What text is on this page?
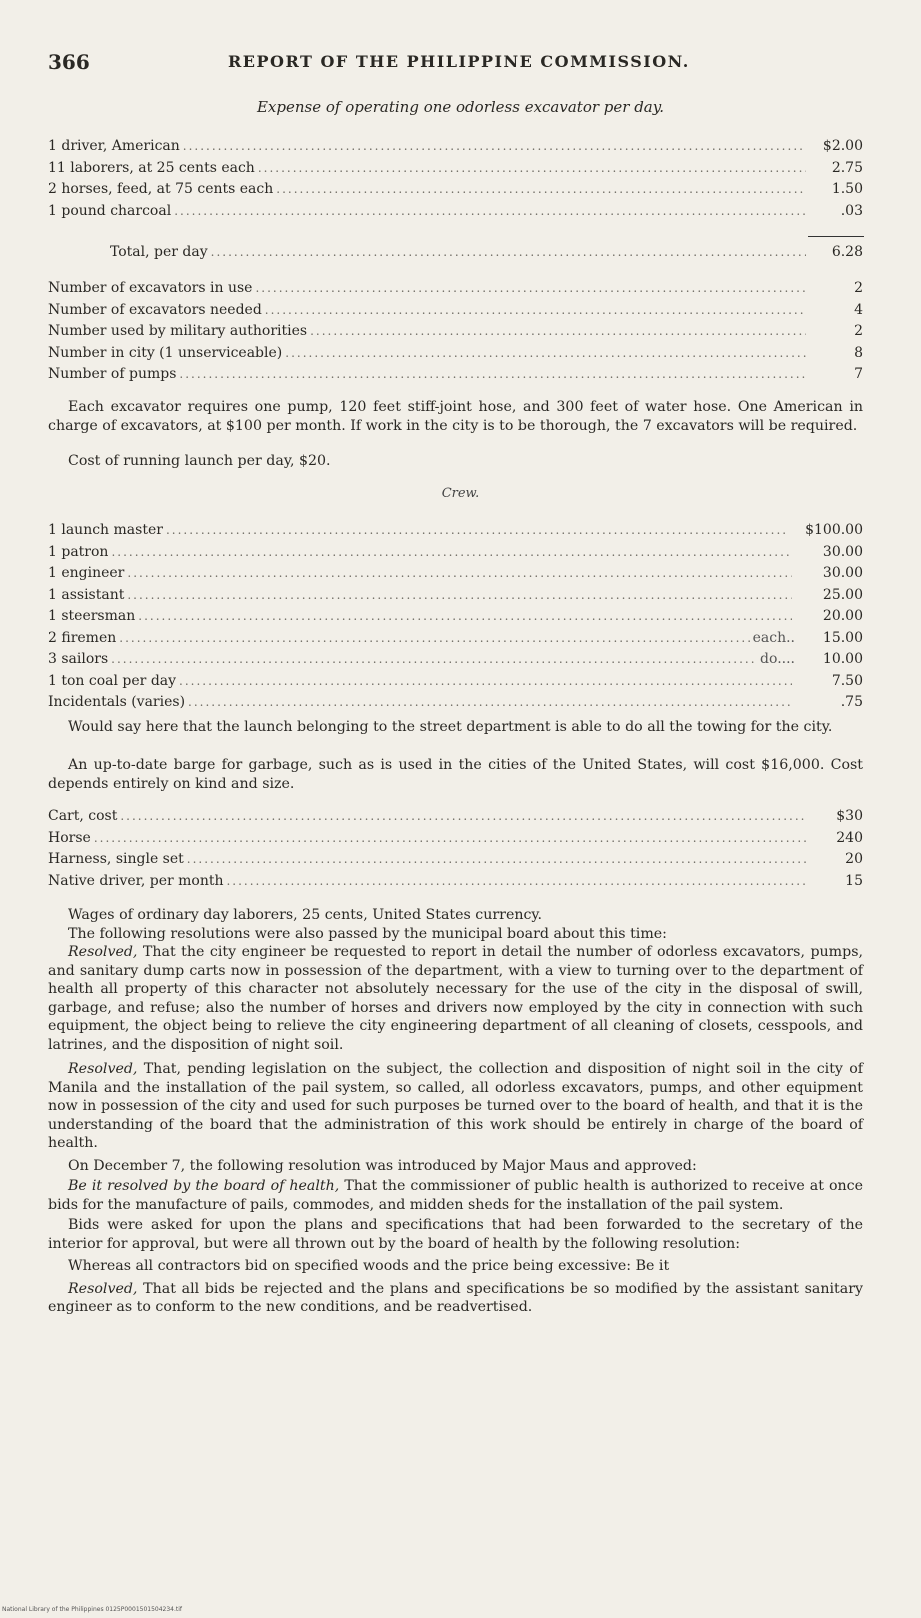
366	REPORT OF THE PHILIPPINE COMMISSION.
Expense of operating one odorless excavator per day.
1 driver, American .....	$2.00
11 laborers, at 25 cents each .....	2.75
2 horses, feed, at 75 cents each .....	1.50
1 pound charcoal .....	.03
Total, per day .....	6.28
Number of excavators in use .....	2
Number of excavators needed .....	4
Number used by military authorities .....	2
Number in city (1 unserviceable) .....	8
Number of pumps .....	7

Each excavator requires one pump, 120 feet stiff-joint hose, and 300 feet of water hose. One American in charge of excavators, at $100 per month. If work in the city is to be thorough, the 7 excavators will be required.

Cost of running launch per day, $20.

Crew.
1 launch master .....	$100.00
1 patron .....	30.00
1 engineer .....	30.00
1 assistant .....	25.00
1 steersman .....	20.00
2 firemen .....	each..	15.00
3 sailors .....	do....	10.00
1 ton coal per day .....	7.50
Incidentals (varies) .....	.75

Would say here that the launch belonging to the street department is able to do all the towing for the city.

An up-to-date barge for garbage, such as is used in the cities of the United States, will cost $16,000. Cost depends entirely on kind and size.

Cart, cost .....	$30
Horse .....	240
Harness, single set .....	20
Native driver, per month .....	15

Wages of ordinary day laborers, 25 cents, United States currency.

The following resolutions were also passed by the municipal board about this time:

Resolved, That the city engineer be requested to report in detail the number of odorless excavators, pumps, and sanitary dump carts now in possession of the department, with a view to turning over to the department of health all property of this character not absolutely necessary for the use of the city in the disposal of swill, garbage, and refuse; also the number of horses and drivers now employed by the city in connection with such equipment, the object being to relieve the city engineering department of all cleaning of closets, cesspools, and latrines, and the disposition of night soil.

Resolved, That, pending legislation on the subject, the collection and disposition of night soil in the city of Manila and the installation of the pail system, so called, all odorless excavators, pumps, and other equipment now in possession of the city and used for such purposes be turned over to the board of health, and that it is the understanding of the board that the administration of this work should be entirely in charge of the board of health.

On December 7, the following resolution was introduced by Major Maus and approved:

Be it resolved by the board of health, That the commissioner of public health is authorized to receive at once bids for the manufacture of pails, commodes, and midden sheds for the installation of the pail system.

Bids were asked for upon the plans and specifications that had been forwarded to the secretary of the interior for approval, but were all thrown out by the board of health by the following resolution:

Whereas all contractors bid on specified woods and the price being excessive: Be it

Resolved, That all bids be rejected and the plans and specifications be so modified by the assistant sanitary engineer as to conform to the new conditions, and be readvertised.

National Library of the Philippines 0125P0001501504234.tif
